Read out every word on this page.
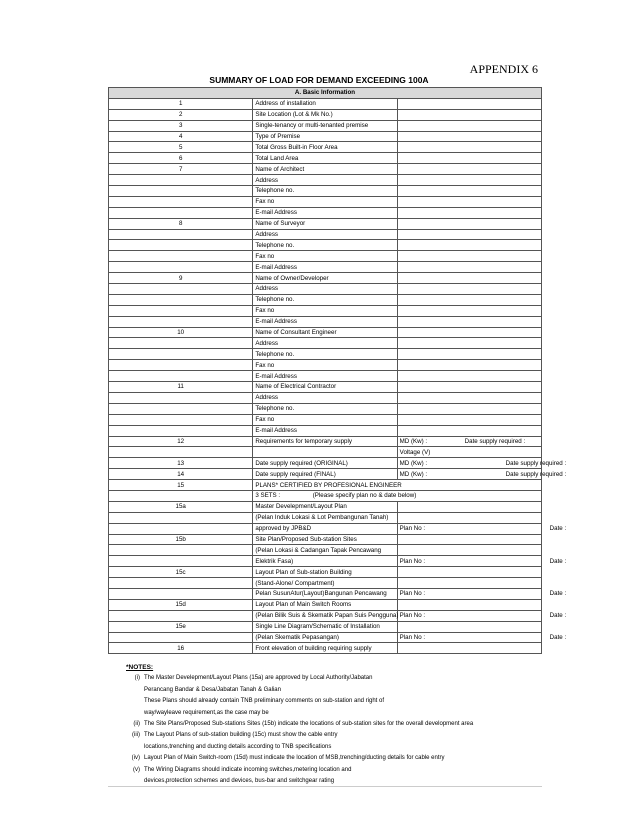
APPENDIX 6
SUMMARY OF LOAD FOR DEMAND EXCEEDING 100A
A. Basic Information		
1	Address of installation	
2	Site Location (Lot & Mk No.)	
3	Single-tenancy or multi-tenanted premise	
4	Type of Premise	
5	Total Gross Built-in Floor Area	
6	Total Land Area	
7	Name of Architect	
	Address	
	Telephone no.	
	Fax no	
	E-mail Address	
8	Name of Surveyor	
	Address	
	Telephone no.	
	Fax no	
	E-mail Address	
9	Name of Owner/Developer	
	Address	
	Telephone no.	
	Fax no	
	E-mail Address	
10	Name of Consultant Engineer	
	Address	
	Telephone no.	
	Fax no	
	E-mail Address	
11	Name of Electrical Contractor	
	Address	
	Telephone no.	
	Fax no	
	E-mail Address	
12	Requirements for temporary supply	MD (Kw) : Date supply required :

		Voltage (V)
13	Date supply required (ORIGINAL)	MD (Kw) : Date supply required :

14	Date supply required (FINAL)	MD (Kw) : Date supply required :

15	PLANS* CERTIFIED BY PROFESIONAL ENGINEER	
	3 SETS :                   (Please specify plan no & date below)	
15a	Master Develepment/Layout Plan	
	(Pelan Induk Lokasi & Lot Pembangunan Tanah)	
	approved by JPB&D	Plan No : Date :

15b	Site Plan/Proposed Sub-station Sites	
	(Pelan Lokasi & Cadangan Tapak Pencawang	
	Elektrik Fasa)	Plan No : Date :

15c	Layout Plan of Sub-station Building	
	(Stand-Alone/ Compartment)	
	Pelan SusunAtur(Layout)Bangunan Pencawang	Plan No : Date :

15d	Layout Plan of Main Switch Rooms	
	(Pelan Bilik Suis & Skematik Papan Suis Pengguna)	Plan No : Date :

15e	Single Line Diagram/Schematic of Installation	
	(Pelan Skematik Pepasangan)	Plan No : Date :

16	Front elevation of building requiring supply	
*NOTES:
(i) The Master Develepment/Layout Plans (15a) are approved by Local Authority/Jabatan
Perancang Bandar & Desa/Jabatan Tanah & Galian
These Plans should already contain TNB preliminary comments on sub-station and right of
way/wayleave requirement,as the case may be
(ii) The Site Plans/Proposed Sub-stations Sites (15b) indicate the locations of sub-station sites for the overall development area
(iii) The Layout Plans of sub-station building (15c) must show the cable entry
locations,trenching and ducting details according to TNB specifications
(iv) Layout Plan of Main Switch-room (15d) must indicate the location of MSB,trenching/ducting details for cable entry
(v) The Wiring Diagrams should indicate incoming switches,metering location and
devices,protection schemes and devices, bus-bar and switchgear rating
